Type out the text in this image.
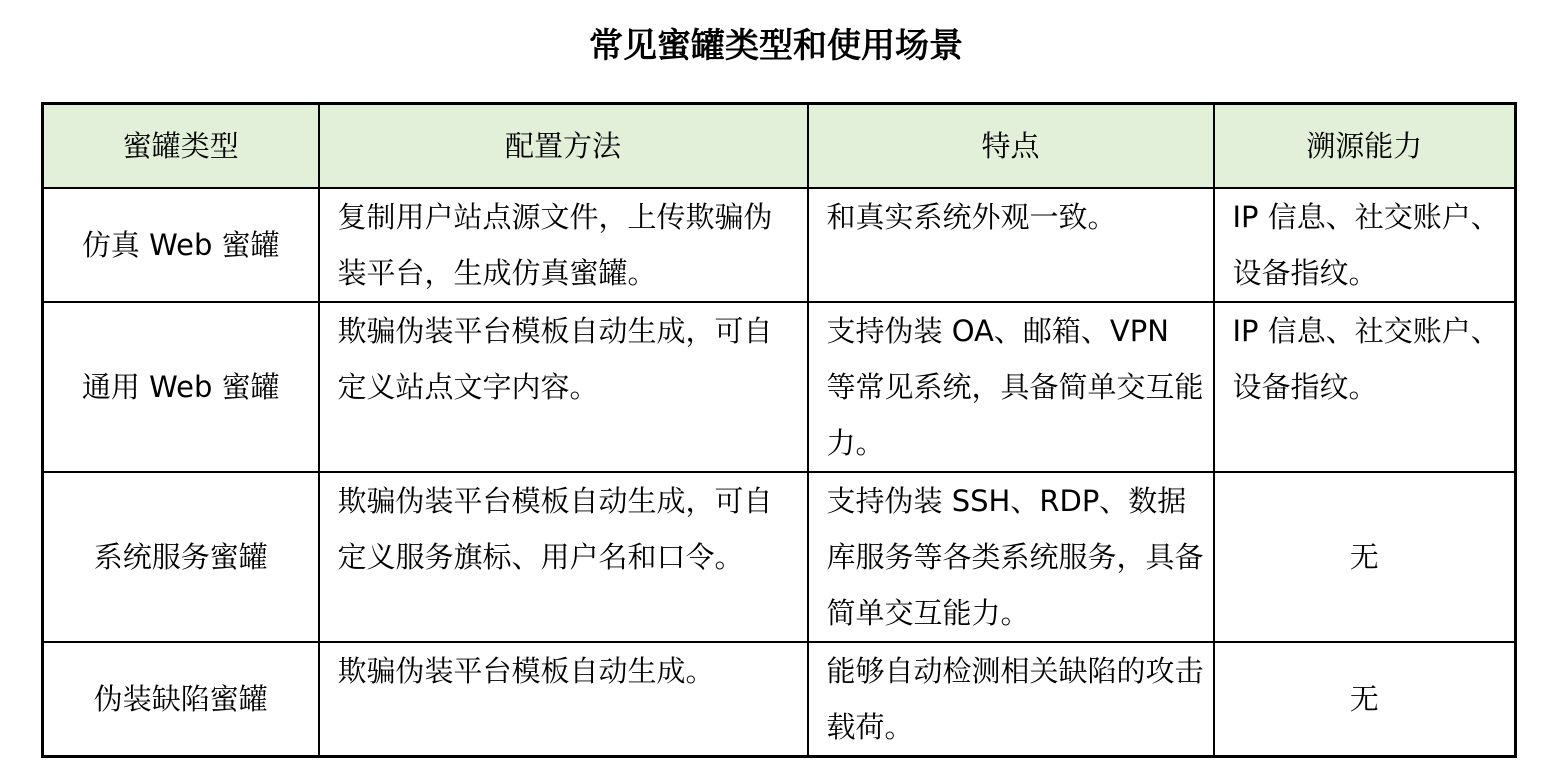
常见蜜罐类型和使用场景
蜜罐类型	配置方法	特点	溯源能力
仿真 Web 蜜罐	复制用户站点源文件，上传欺骗伪装平台，生成仿真蜜罐。	和真实系统外观一致。	IP 信息、社交账户、设备指纹。
通用 Web 蜜罐	欺骗伪装平台模板自动生成，可自定义站点文字内容。	支持伪装 OA、邮箱、VPN 等常见系统，具备简单交互能力。	IP 信息、社交账户、设备指纹。
系统服务蜜罐	欺骗伪装平台模板自动生成，可自定义服务旗标、用户名和口令。	支持伪装 SSH、RDP、数据库服务等各类系统服务，具备简单交互能力。	无
伪装缺陷蜜罐	欺骗伪装平台模板自动生成。	能够自动检测相关缺陷的攻击载荷。	无
